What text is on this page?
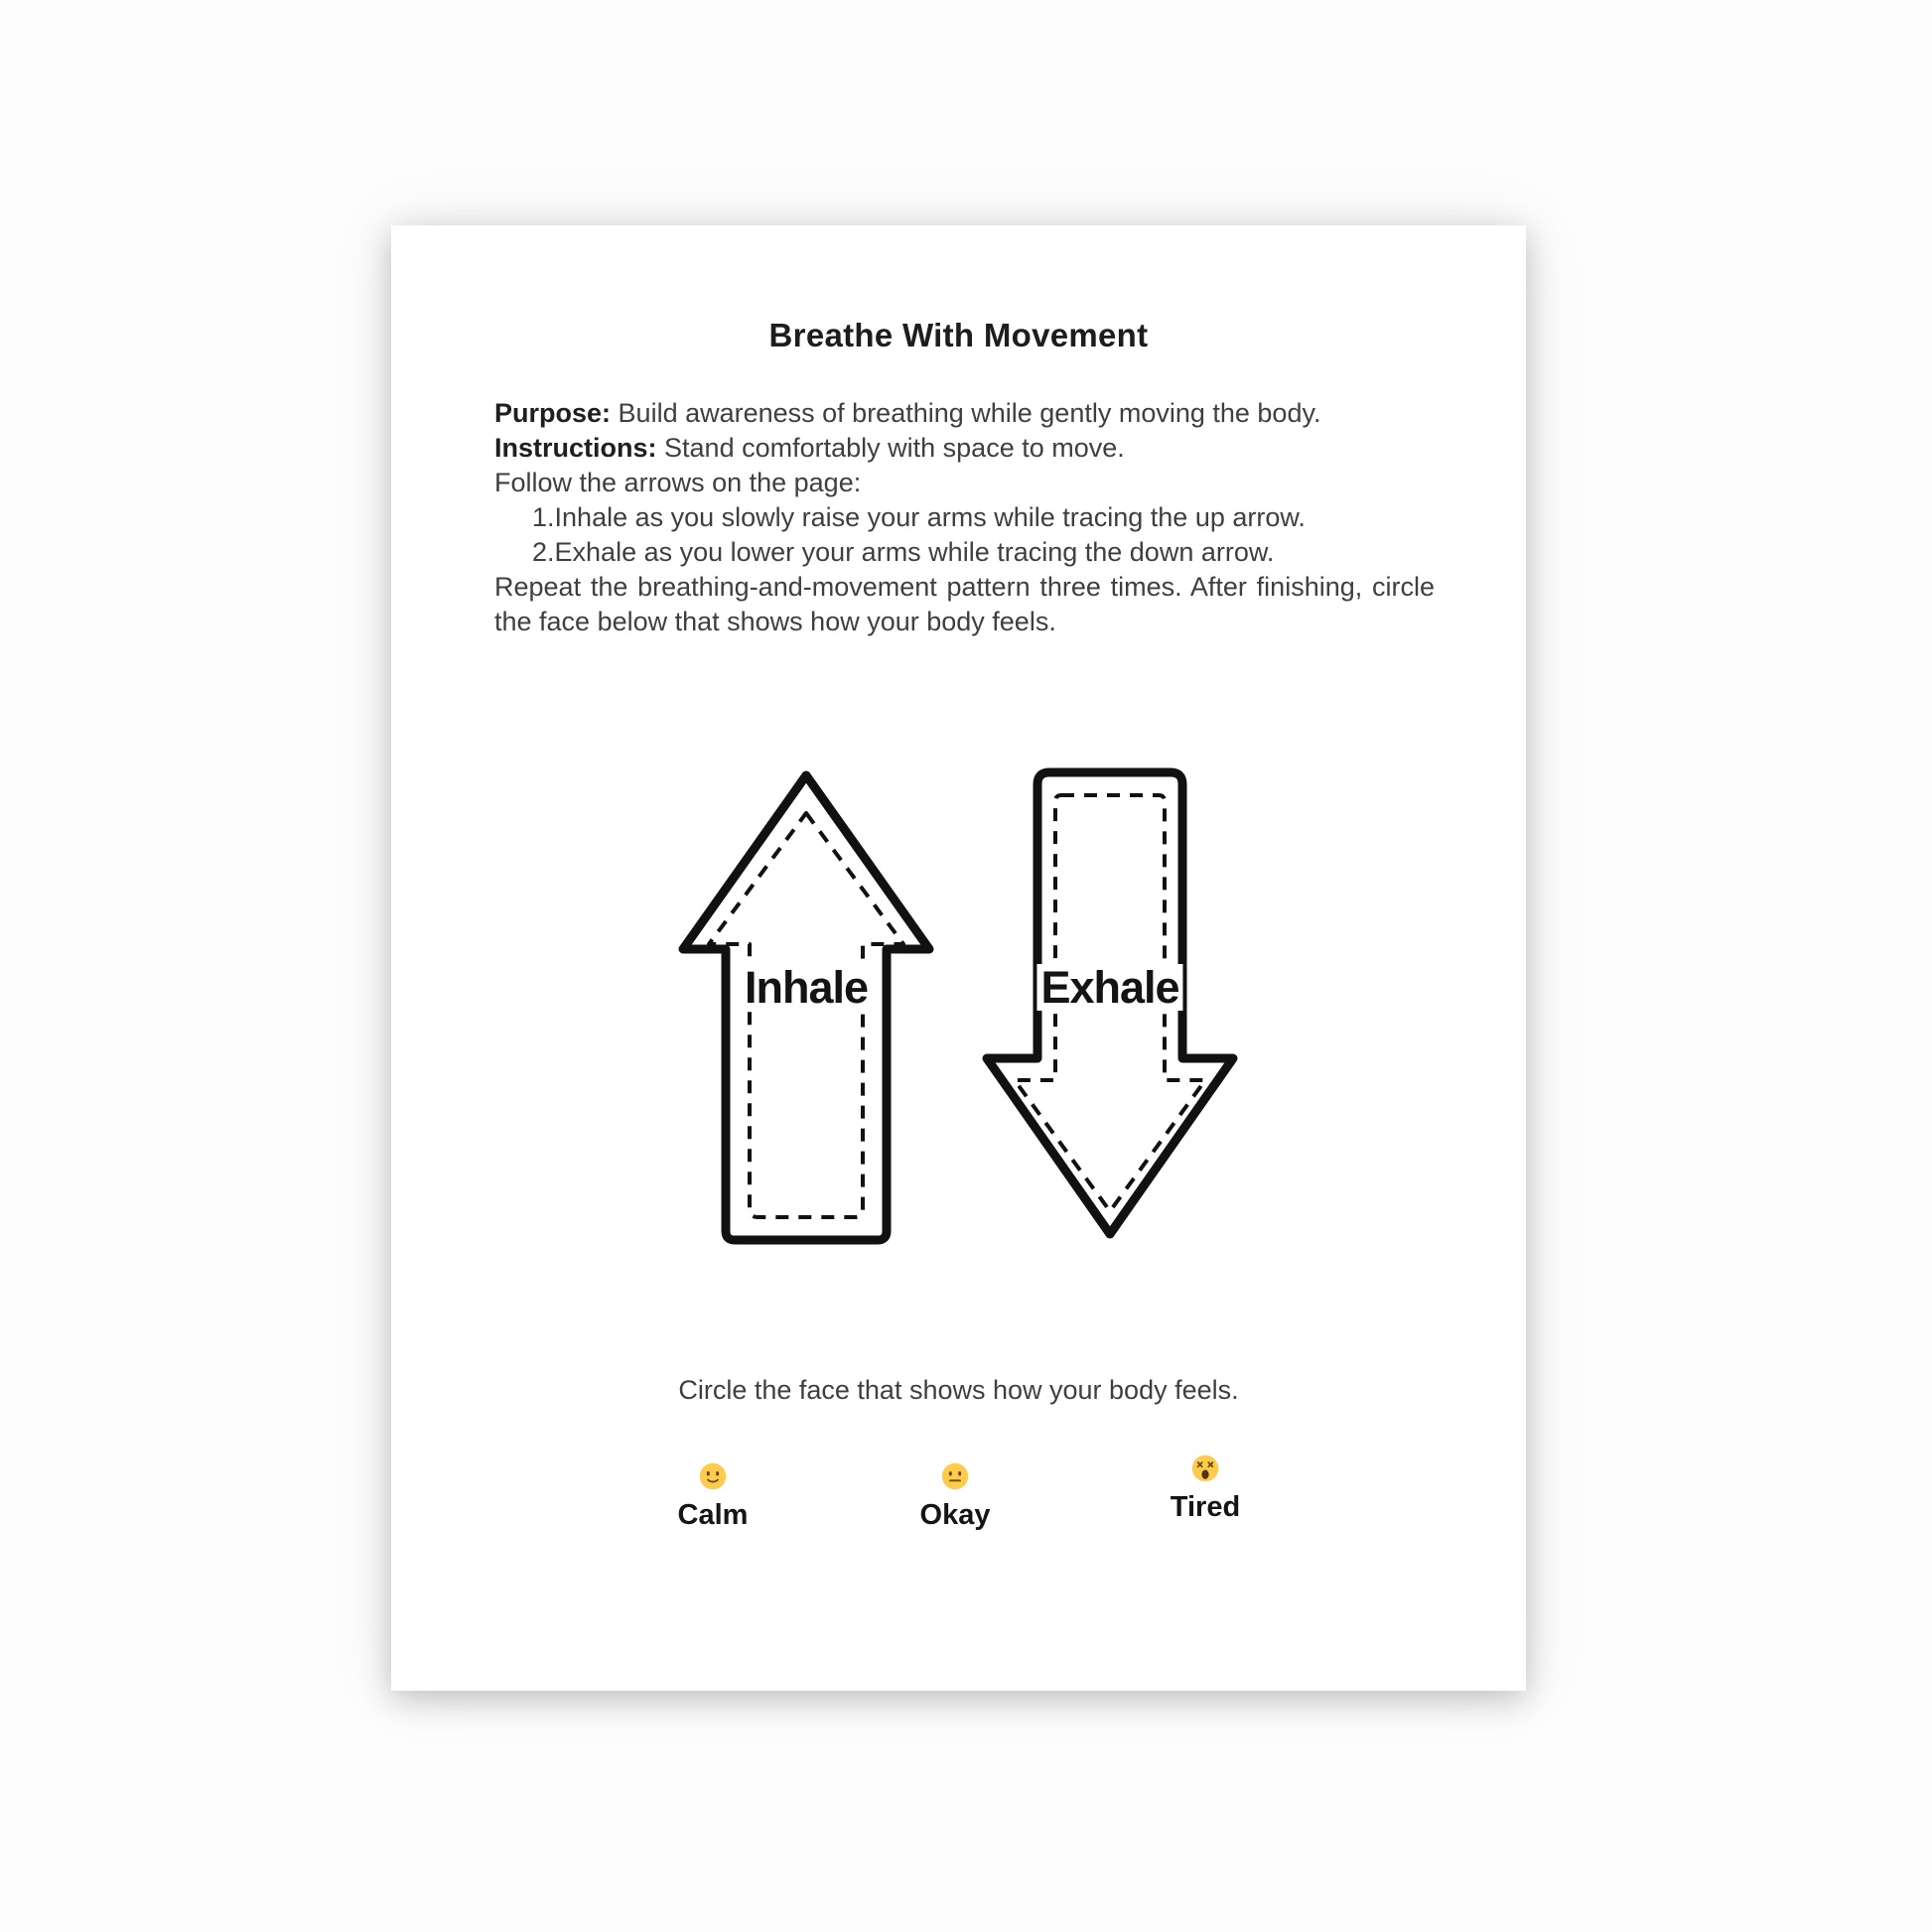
Breathe With Movement

Purpose: Build awareness of breathing while gently moving the body.

Instructions: Stand comfortably with space to move.

Follow the arrows on the page:

1. Inhale as you slowly raise your arms while tracing the up arrow.
2. Exhale as you lower your arms while tracing the down arrow.

Repeat the breathing-and-movement pattern three times. After finishing, circle the face below that shows how your body feels.

Inhale	Exhale
Circle the face that shows how your body feels.
Calm	Okay	Tired
